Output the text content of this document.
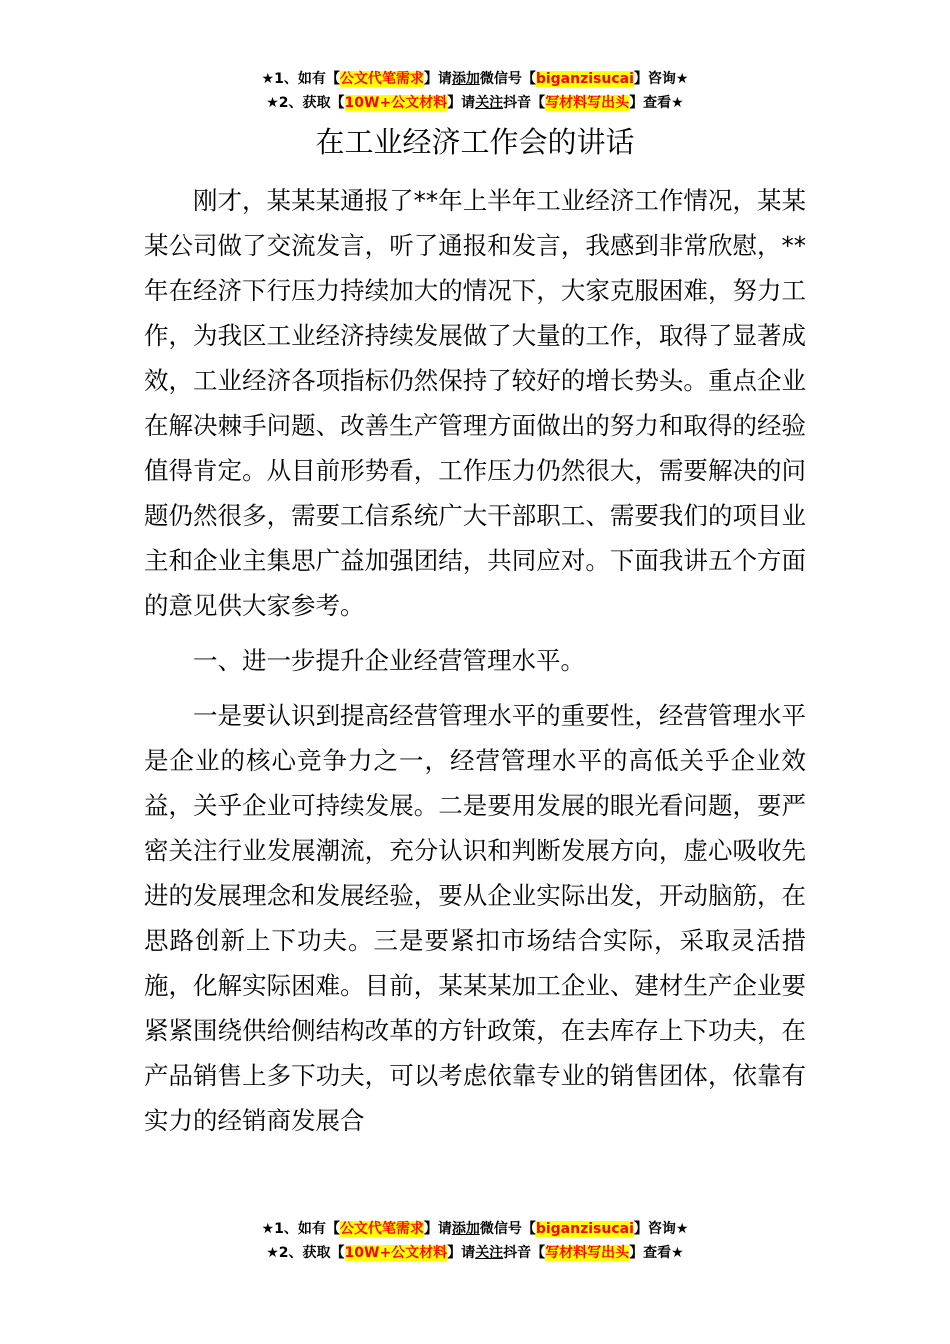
★1、如有【公文代笔需求】请添加微信号【biganzisucai】咨询★
★2、获取【10W+公文材料】请关注抖音【写材料写出头】查看★
在工业经济工作会的讲话

刚才，某某某通报了**年上半年工业经济工作情况，某某某公司做了交流发言，听了通报和发言，我感到非常欣慰，**年在经济下行压力持续加大的情况下，大家克服困难，努力工作，为我区工业经济持续发展做了大量的工作，取得了显著成效，工业经济各项指标仍然保持了较好的增长势头。重点企业在解决棘手问题、改善生产管理方面做出的努力和取得的经验值得肯定。从目前形势看，工作压力仍然很大，需要解决的问题仍然很多，需要工信系统广大干部职工、需要我们的项目业主和企业主集思广益加强团结，共同应对。下面我讲五个方面的意见供大家参考。

一、进一步提升企业经营管理水平。

一是要认识到提高经营管理水平的重要性，经营管理水平是企业的核心竞争力之一，经营管理水平的高低关乎企业效益，关乎企业可持续发展。二是要用发展的眼光看问题，要严密关注行业发展潮流，充分认识和判断发展方向，虚心吸收先进的发展理念和发展经验，要从企业实际出发，开动脑筋，在思路创新上下功夫。三是要紧扣市场结合实际，采取灵活措施，化解实际困难。目前，某某某加工企业、建材生产企业要紧紧围绕供给侧结构改革的方针政策，在去库存上下功夫，在产品销售上多下功夫，可以考虑依靠专业的销售团体，依靠有实力的经销商发展合

★1、如有【公文代笔需求】请添加微信号【biganzisucai】咨询★
★2、获取【10W+公文材料】请关注抖音【写材料写出头】查看★
